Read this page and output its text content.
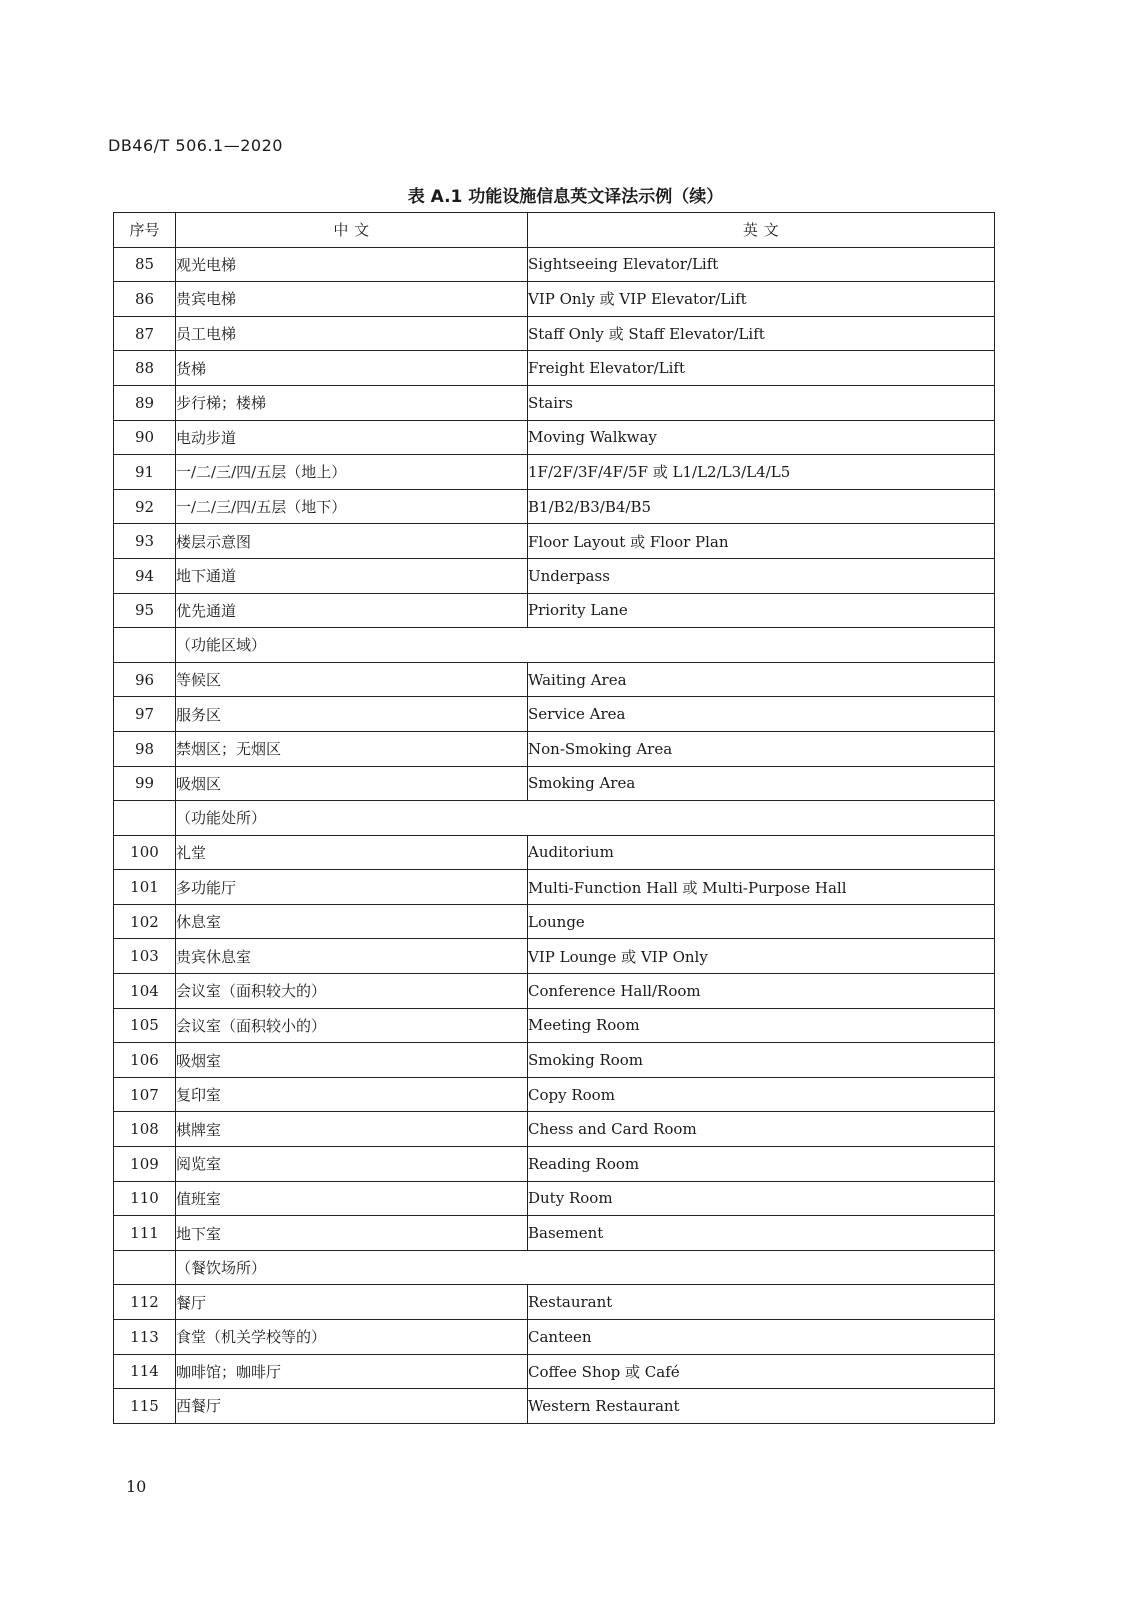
DB46/T 506.1—2020
表 A.1 功能设施信息英文译法示例（续）
序号	中 文	英 文
85	观光电梯	Sightseeing Elevator/Lift
86	贵宾电梯	VIP Only 或 VIP Elevator/Lift
87	员工电梯	Staff Only 或 Staff Elevator/Lift
88	货梯	Freight Elevator/Lift
89	步行梯；楼梯	Stairs
90	电动步道	Moving Walkway
91	一/二/三/四/五层（地上）	1F/2F/3F/4F/5F 或 L1/L2/L3/L4/L5
92	一/二/三/四/五层（地下）	B1/B2/B3/B4/B5
93	楼层示意图	Floor Layout 或 Floor Plan
94	地下通道	Underpass
95	优先通道	Priority Lane
	（功能区域）	
96	等候区	Waiting Area
97	服务区	Service Area
98	禁烟区；无烟区	Non-Smoking Area
99	吸烟区	Smoking Area
	（功能处所）	
100	礼堂	Auditorium
101	多功能厅	Multi-Function Hall 或 Multi-Purpose Hall
102	休息室	Lounge
103	贵宾休息室	VIP Lounge 或 VIP Only
104	会议室（面积较大的）	Conference Hall/Room
105	会议室（面积较小的）	Meeting Room
106	吸烟室	Smoking Room
107	复印室	Copy Room
108	棋牌室	Chess and Card Room
109	阅览室	Reading Room
110	值班室	Duty Room
111	地下室	Basement
	（餐饮场所）	
112	餐厅	Restaurant
113	食堂（机关学校等的）	Canteen
114	咖啡馆；咖啡厅	Coffee Shop 或 Café
115	西餐厅	Western Restaurant
10
